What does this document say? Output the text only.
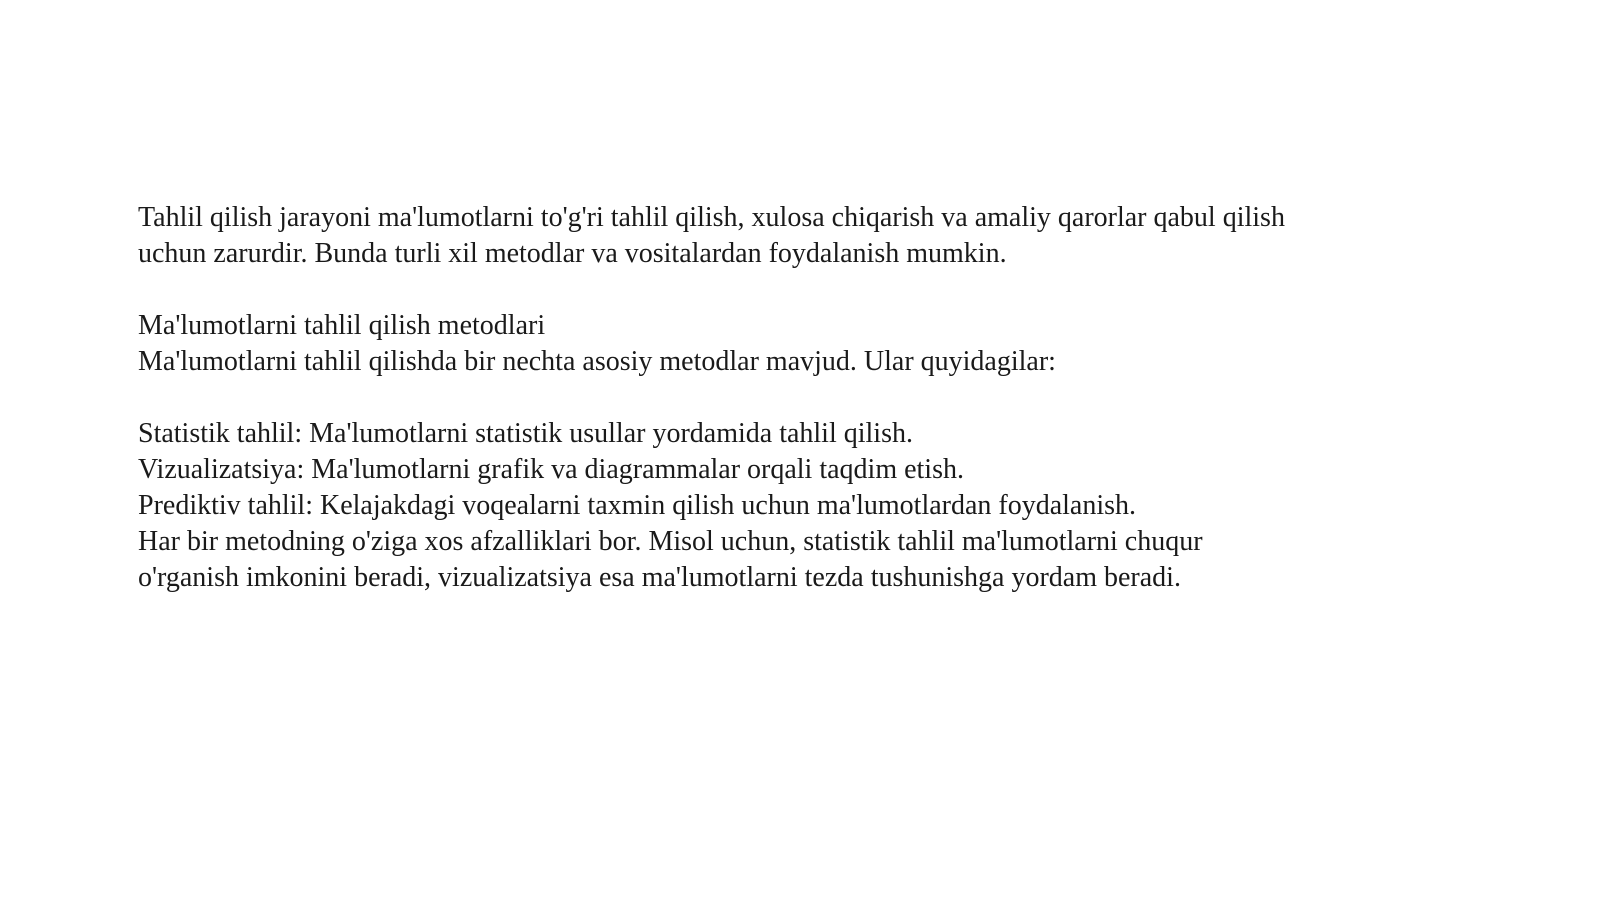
Tahlil qilish jarayoni ma'lumotlarni to'g'ri tahlil qilish, xulosa chiqarish va amaliy qarorlar qabul qilish
uchun zarurdir. Bunda turli xil metodlar va vositalardan foydalanish mumkin.
Ma'lumotlarni tahlil qilish metodlari
Ma'lumotlarni tahlil qilishda bir nechta asosiy metodlar mavjud. Ular quyidagilar:
Statistik tahlil: Ma'lumotlarni statistik usullar yordamida tahlil qilish.
Vizualizatsiya: Ma'lumotlarni grafik va diagrammalar orqali taqdim etish.
Prediktiv tahlil: Kelajakdagi voqealarni taxmin qilish uchun ma'lumotlardan foydalanish.
Har bir metodning o'ziga xos afzalliklari bor. Misol uchun, statistik tahlil ma'lumotlarni chuqur
o'rganish imkonini beradi, vizualizatsiya esa ma'lumotlarni tezda tushunishga yordam beradi.
